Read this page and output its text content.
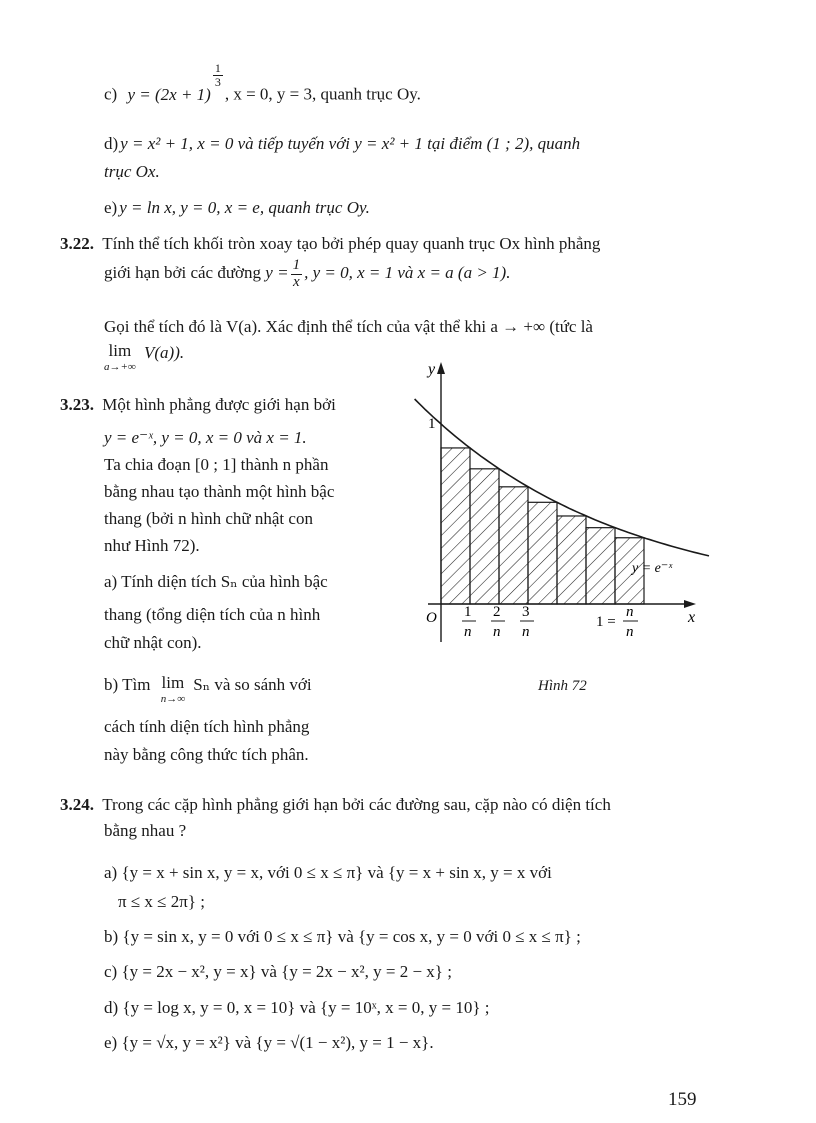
c) y = (2x + 1)
$\frac{1}{3}$
, x = 0, y = 3, quanh trục Oy.
d) y = x² + 1, x = 0 và tiếp tuyến với y = x² + 1 tại điểm (1 ; 2), quanh
trục Ox.
e) y = ln x, y = 0, x = e, quanh trục Oy.
3.22. Tính thể tích khối tròn xoay tạo bởi phép quay quanh trục Ox hình phẳng
giới hạn bởi các đường $y = \frac{1}{x}$ , y = 0, x = 1 và x = a (a > 1).
Gọi thể tích đó là V(a). Xác định thể tích của vật thể khi a → +∞ (tức là
lim
a→+∞
V(a)).
3.23. Một hình phẳng được giới hạn bởi
y = e⁻ˣ, y = 0, x = 0 và x = 1.
Ta chia đoạn [0 ; 1] thành n phần
bằng nhau tạo thành một hình bậc
thang (bởi n hình chữ nhật con
như Hình 72).
a) Tính diện tích Sₙ của hình bậc
thang (tổng diện tích của n hình
chữ nhật con).
b) Tìm lim
n→∞
Sₙ và so sánh với
cách tính diện tích hình phẳng
này bằng công thức tích phân.
y
1
O	x
y = e⁻ˣ
1
n
2
n
3
n
1 =
n
n
Hình 72
3.24. Trong các cặp hình phẳng giới hạn bởi các đường sau, cặp nào có diện tích
bằng nhau ?
a) {y = x + sin x, y = x, với 0 ≤ x ≤ π} và {y = x + sin x, y = x với
π ≤ x ≤ 2π} ;
b) {y = sin x, y = 0 với 0 ≤ x ≤ π} và {y = cos x, y = 0 với 0 ≤ x ≤ π} ;
c) {y = 2x − x², y = x} và {y = 2x − x², y = 2 − x} ;
d) {y = log x, y = 0, x = 10} và {y = 10ˣ, x = 0, y = 10} ;
e) {y = √x, y = x²} và {y = √(1 − x²), y = 1 − x}.
159
